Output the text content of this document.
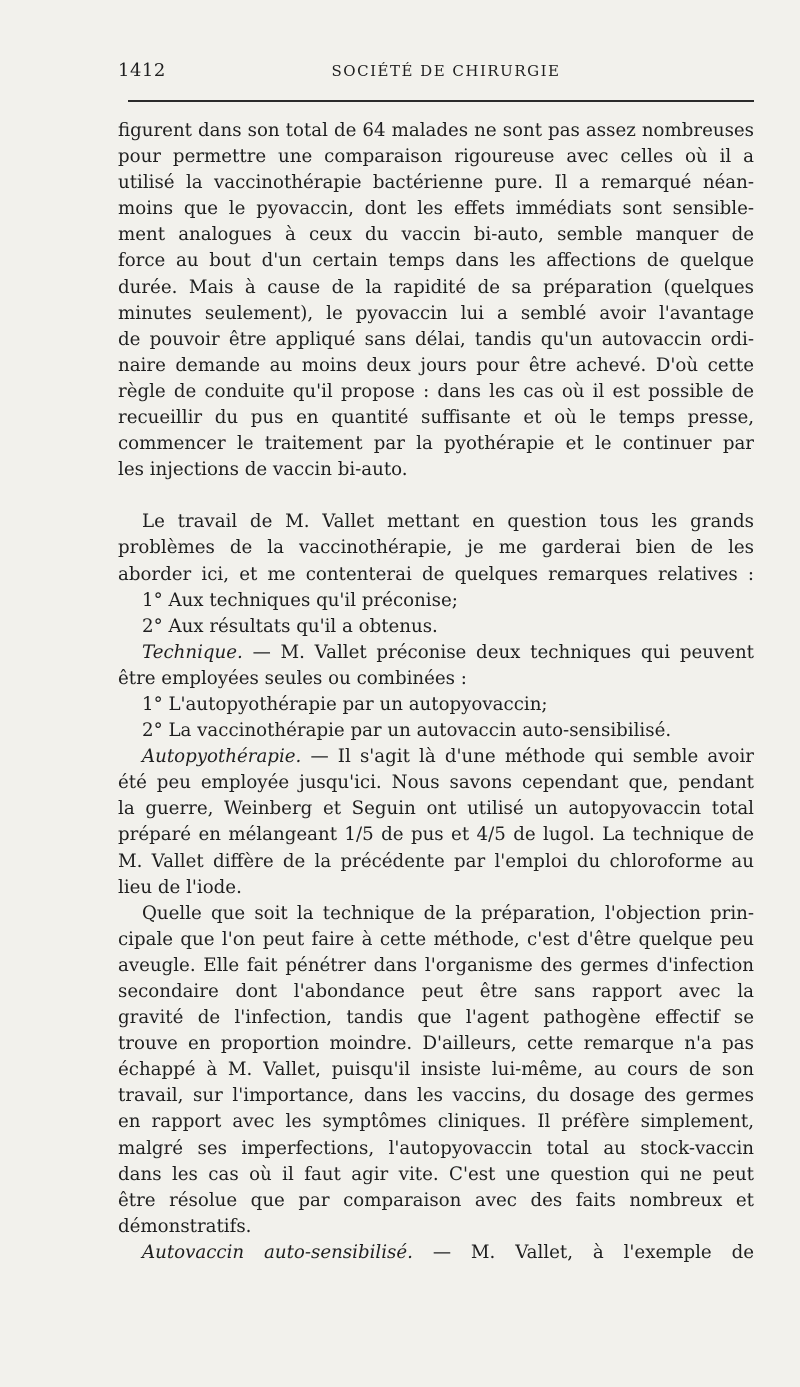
1412	SOCIÉTÉ DE CHIRURGIE
figurent dans son total de 64 malades ne sont pas assez nombreuses
pour permettre une comparaison rigoureuse avec celles où il a
utilisé la vaccinothérapie bactérienne pure. Il a remarqué néan-
moins que le pyovaccin, dont les effets immédiats sont sensible-
ment analogues à ceux du vaccin bi-auto, semble manquer de
force au bout d'un certain temps dans les affections de quelque
durée. Mais à cause de la rapidité de sa préparation (quelques
minutes seulement), le pyovaccin lui a semblé avoir l'avantage
de pouvoir être appliqué sans délai, tandis qu'un autovaccin ordi-
naire demande au moins deux jours pour être achevé. D'où cette
règle de conduite qu'il propose : dans les cas où il est possible de
recueillir du pus en quantité suffisante et où le temps presse,
commencer le traitement par la pyothérapie et le continuer par
les injections de vaccin bi-auto.
Le travail de M. Vallet mettant en question tous les grands
problèmes de la vaccinothérapie, je me garderai bien de les
aborder ici, et me contenterai de quelques remarques relatives :
1° Aux techniques qu'il préconise;
2° Aux résultats qu'il a obtenus.
Technique. — M. Vallet préconise deux techniques qui peuvent
être employées seules ou combinées :
1° L'autopyothérapie par un autopyovaccin;
2° La vaccinothérapie par un autovaccin auto-sensibilisé.
Autopyothérapie. — Il s'agit là d'une méthode qui semble avoir
été peu employée jusqu'ici. Nous savons cependant que, pendant
la guerre, Weinberg et Seguin ont utilisé un autopyovaccin total
préparé en mélangeant 1/5 de pus et 4/5 de lugol. La technique de
M. Vallet diffère de la précédente par l'emploi du chloroforme au
lieu de l'iode.
Quelle que soit la technique de la préparation, l'objection prin-
cipale que l'on peut faire à cette méthode, c'est d'être quelque peu
aveugle. Elle fait pénétrer dans l'organisme des germes d'infection
secondaire dont l'abondance peut être sans rapport avec la
gravité de l'infection, tandis que l'agent pathogène effectif se
trouve en proportion moindre. D'ailleurs, cette remarque n'a pas
échappé à M. Vallet, puisqu'il insiste lui-même, au cours de son
travail, sur l'importance, dans les vaccins, du dosage des germes
en rapport avec les symptômes cliniques. Il préfère simplement,
malgré ses imperfections, l'autopyovaccin total au stock-vaccin
dans les cas où il faut agir vite. C'est une question qui ne peut
être résolue que par comparaison avec des faits nombreux et
démonstratifs.
Autovaccin auto-sensibilisé. — M. Vallet, à l'exemple de
